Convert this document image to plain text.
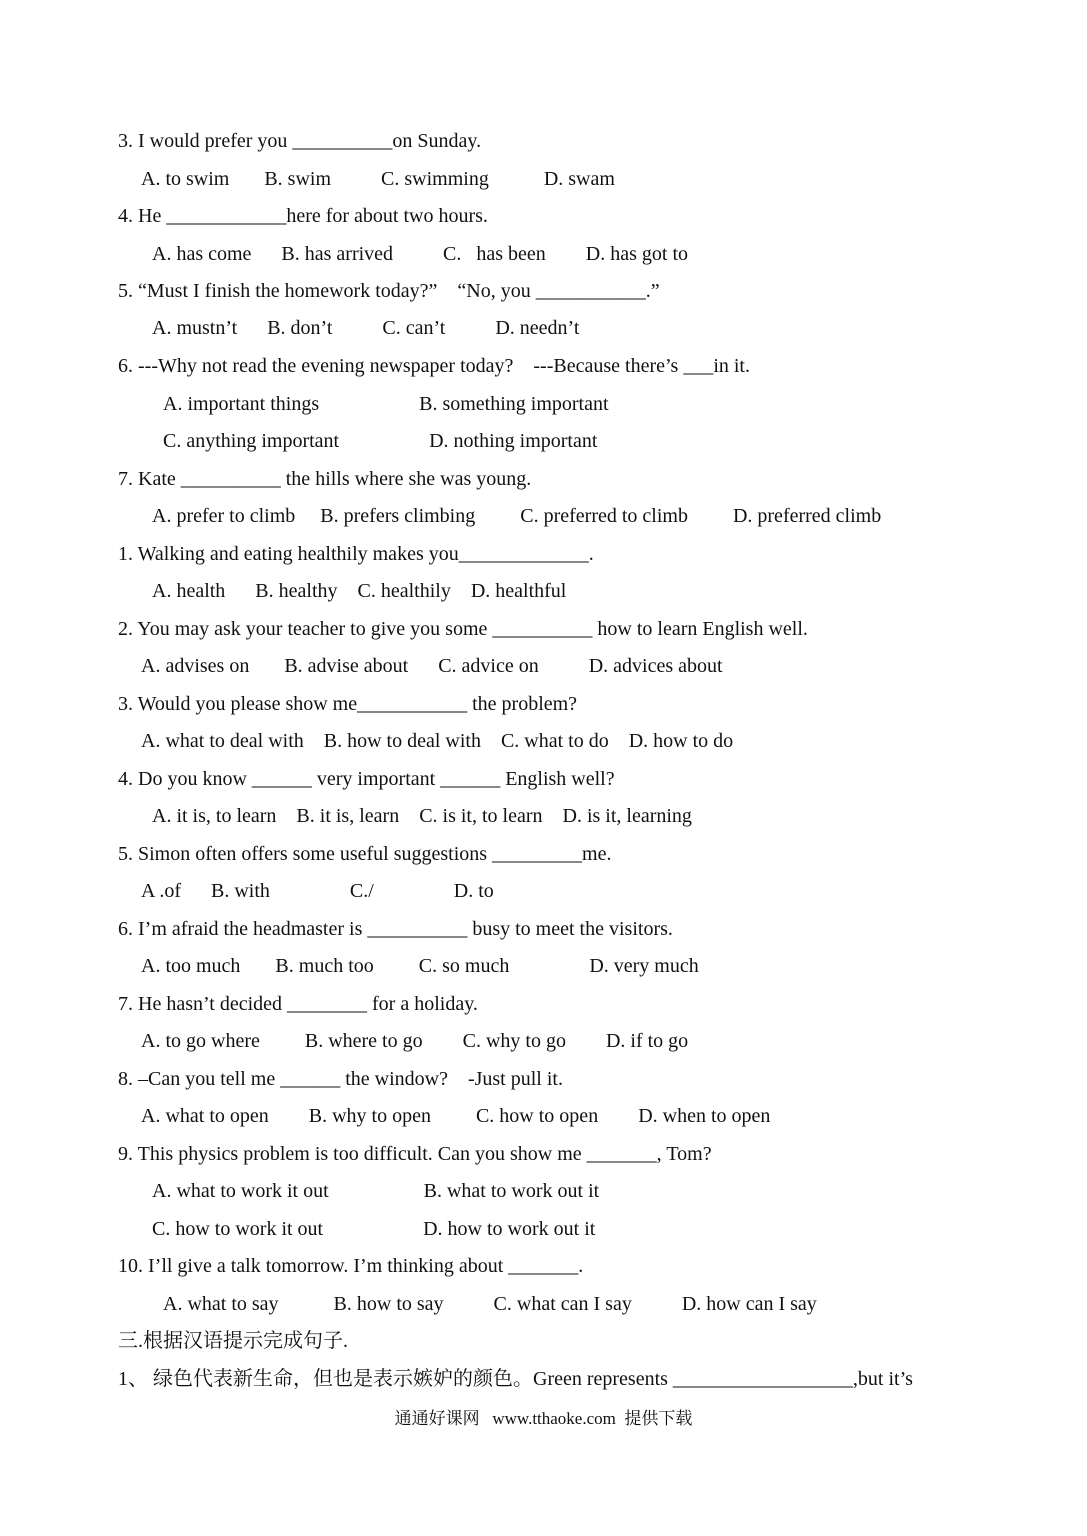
3. I would prefer you __________on Sunday.
A. to swim       B. swim          C. swimming           D. swam
4. He ____________here for about two hours.
A. has come      B. has arrived          C.   has been        D. has got to
5. “Must I finish the homework today?”    “No, you ___________.”
A. mustn’t      B. don’t          C. can’t          D. needn’t
6. ---Why not read the evening newspaper today?    ---Because there’s ___in it.
A. important things                    B. something important
C. anything important                  D. nothing important
7. Kate __________ the hills where she was young.
A. prefer to climb     B. prefers climbing         C. preferred to climb         D. preferred climb
1. Walking and eating healthily makes you_____________.
A. health      B. healthy    C. healthily    D. healthful
2. You may ask your teacher to give you some __________ how to learn English well.
A. advises on       B. advise about      C. advice on          D. advices about
3. Would you please show me___________ the problem?
A. what to deal with    B. how to deal with    C. what to do    D. how to do
4. Do you know ______ very important ______ English well?
A. it is, to learn    B. it is, learn    C. is it, to learn    D. is it, learning
5. Simon often offers some useful suggestions _________me.
A .of      B. with                C./                D. to
6. I’m afraid the headmaster is __________ busy to meet the visitors.
A. too much       B. much too         C. so much                D. very much
7. He hasn’t decided ________ for a holiday.
A. to go where         B. where to go        C. why to go        D. if to go
8. –Can you tell me ______ the window?    -Just pull it.
A. what to open        B. why to open         C. how to open        D. when to open
9. This physics problem is too difficult. Can you show me _______, Tom?
A. what to work it out                   B. what to work out it
C. how to work it out                    D. how to work out it
10. I’ll give a talk tomorrow. I’m thinking about _______.
A. what to say           B. how to say          C. what can I say          D. how can I say
三.根据汉语提示完成句子.
1、 绿色代表新生命，但也是表示嫉妒的颜色。Green represents __________________,but it’s
通通好课网   www.tthaoke.com  提供下载
